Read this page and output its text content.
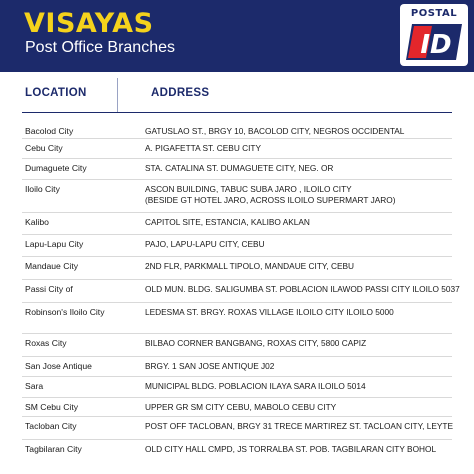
VISAYAS
Post Office Branches
POSTAL
ID
LOCATION	ADDRESS
Bacolod City	GATUSLAO ST., BRGY 10, BACOLOD CITY, NEGROS OCCIDENTAL
Cebu City	A. PIGAFETTA ST. CEBU CITY
Dumaguete City	STA. CATALINA ST. DUMAGUETE CITY, NEG. OR
Iloilo City	ASCON BUILDING, TABUC SUBA JARO , ILOILO CITY
(BESIDE GT HOTEL JARO, ACROSS ILOILO SUPERMART JARO)
Kalibo	CAPITOL SITE, ESTANCIA, KALIBO AKLAN
Lapu-Lapu City	PAJO, LAPU-LAPU CITY, CEBU
Mandaue City	2ND FLR, PARKMALL TIPOLO, MANDAUE CITY, CEBU
Passi City of	OLD MUN. BLDG. SALIGUMBA ST. POBLACION ILAWOD PASSI CITY ILOILO 5037
Robinson's Iloilo City	LEDESMA ST. BRGY. ROXAS VILLAGE ILOILO CITY ILOILO 5000
Roxas City	BILBAO CORNER BANGBANG, ROXAS CITY, 5800 CAPIZ
San Jose Antique	BRGY. 1 SAN JOSE ANTIQUE J02
Sara	MUNICIPAL BLDG. POBLACION ILAYA SARA ILOILO 5014
SM Cebu City	UPPER GR SM CITY CEBU, MABOLO CEBU CITY
Tacloban City	POST OFF TACLOBAN, BRGY 31 TRECE MARTIREZ ST. TACLOAN CITY, LEYTE
Tagbilaran City	OLD CITY HALL CMPD, JS TORRALBA ST. POB. TAGBILARAN CITY BOHOL
